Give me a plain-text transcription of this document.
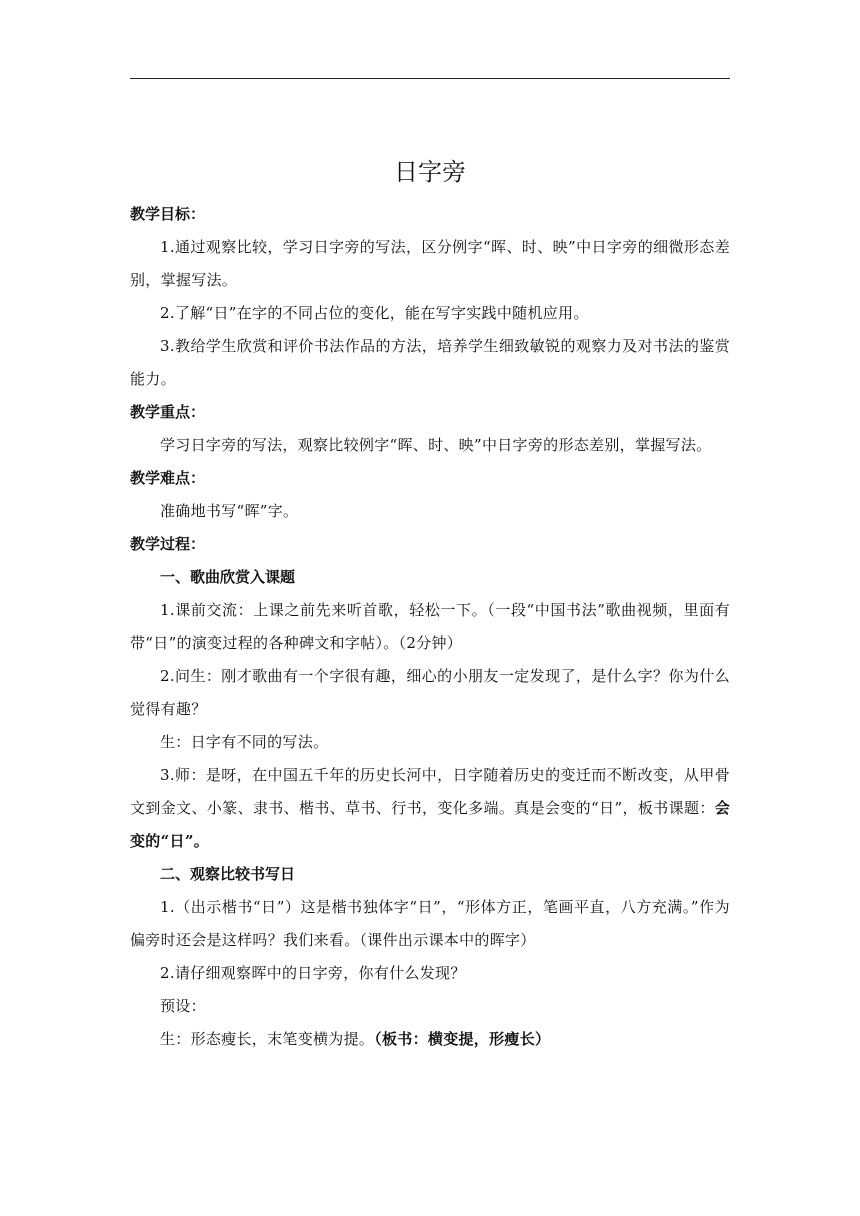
日字旁

教学目标：

1.通过观察比较，学习日字旁的写法，区分例字“晖、时、映”中日字旁的细微形态差别，掌握写法。

2.了解“日”在字的不同占位的变化，能在写字实践中随机应用。

3.教给学生欣赏和评价书法作品的方法，培养学生细致敏锐的观察力及对书法的鉴赏能力。

教学重点：

学习日字旁的写法，观察比较例字“晖、时、映”中日字旁的形态差别，掌握写法。

教学难点：

准确地书写“晖”字。

教学过程：

一、歌曲欣赏入课题

1.课前交流：上课之前先来听首歌，轻松一下。（一段“中国书法”歌曲视频，里面有带“日”的演变过程的各种碑文和字帖）。（2分钟）

2.问生：刚才歌曲有一个字很有趣，细心的小朋友一定发现了，是什么字？你为什么觉得有趣？

生：日字有不同的写法。

3.师：是呀，在中国五千年的历史长河中，日字随着历史的变迁而不断改变，从甲骨文到金文、小篆、隶书、楷书、草书、行书，变化多端。真是会变的“日”，板书课题：会变的“日”。

二、观察比较书写日

1.（出示楷书“日”）这是楷书独体字“日”，“形体方正，笔画平直，八方充满。”作为偏旁时还会是这样吗？我们来看。（课件出示课本中的晖字）

2.请仔细观察晖中的日字旁，你有什么发现？

预设：

生：形态瘦长，末笔变横为提。（板书：横变提，形瘦长）
